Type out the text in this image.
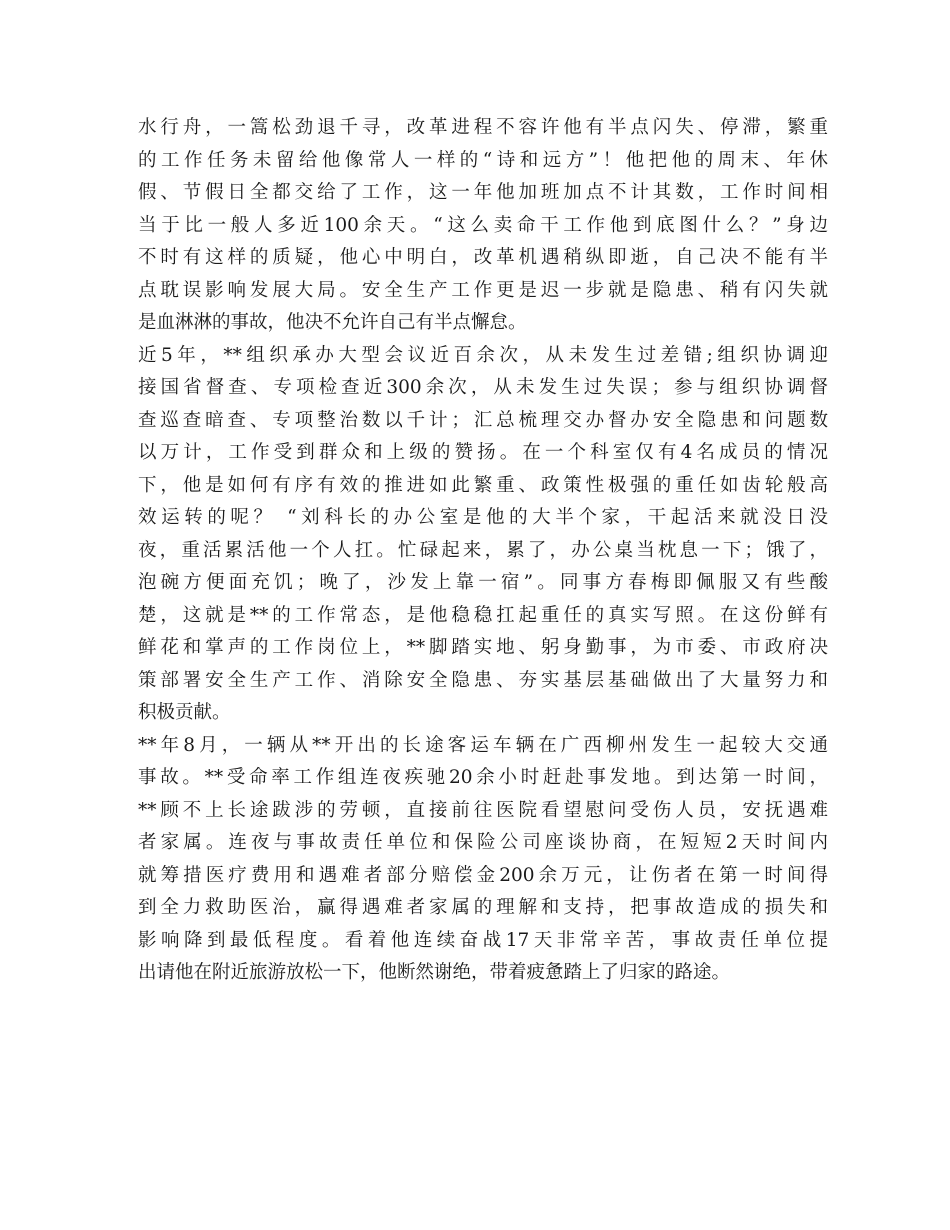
水行舟，一篙松劲退千寻，改革进程不容许他有半点闪失、停滞，繁重
的工作任务未留给他像常人一样的“诗和远方”！他把他的周末、年休
假、节假日全都交给了工作，这一年他加班加点不计其数，工作时间相
当于比一般人多近100余天。“这么卖命干工作他到底图什么？”身边
不时有这样的质疑，他心中明白，改革机遇稍纵即逝，自己决不能有半
点耽误影响发展大局。安全生产工作更是迟一步就是隐患、稍有闪失就
是血淋淋的事故，他决不允许自己有半点懈怠。
近5年，**组织承办大型会议近百余次，从未发生过差错;组织协调迎
接国省督查、专项检查近300余次，从未发生过失误；参与组织协调督
查巡查暗查、专项整治数以千计；汇总梳理交办督办安全隐患和问题数
以万计，工作受到群众和上级的赞扬。在一个科室仅有4名成员的情况
下，他是如何有序有效的推进如此繁重、政策性极强的重任如齿轮般高
效运转的呢？ “刘科长的办公室是他的大半个家，干起活来就没日没
夜，重活累活他一个人扛。忙碌起来，累了，办公桌当枕息一下；饿了，
泡碗方便面充饥；晚了，沙发上靠一宿”。同事方春梅即佩服又有些酸
楚，这就是**的工作常态，是他稳稳扛起重任的真实写照。在这份鲜有
鲜花和掌声的工作岗位上，**脚踏实地、躬身勤事，为市委、市政府决
策部署安全生产工作、消除安全隐患、夯实基层基础做出了大量努力和
积极贡献。
**年8月，一辆从**开出的长途客运车辆在广西柳州发生一起较大交通
事故。**受命率工作组连夜疾驰20余小时赶赴事发地。到达第一时间，
**顾不上长途跋涉的劳顿，直接前往医院看望慰问受伤人员，安抚遇难
者家属。连夜与事故责任单位和保险公司座谈协商，在短短2天时间内
就筹措医疗费用和遇难者部分赔偿金200余万元，让伤者在第一时间得
到全力救助医治，赢得遇难者家属的理解和支持，把事故造成的损失和
影响降到最低程度。看着他连续奋战17天非常辛苦，事故责任单位提
出请他在附近旅游放松一下，他断然谢绝，带着疲惫踏上了归家的路途。
